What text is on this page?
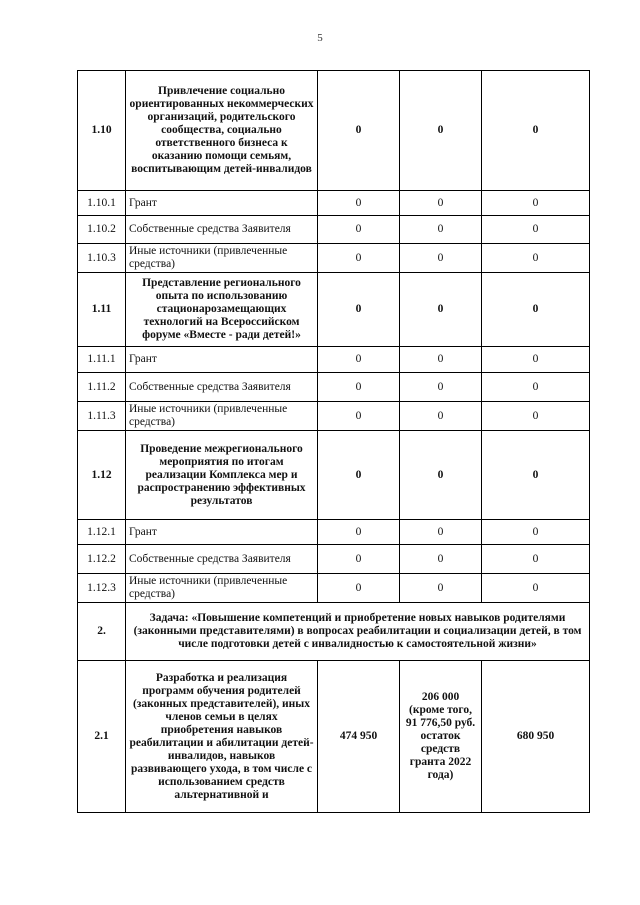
5
1.10	Привлечение социально ориентированных некоммерческих организаций, родительского сообщества, социально ответственного бизнеса к оказанию помощи семьям, воспитывающим детей-инвалидов	0	0	0
1.10.1	Грант	0	0	0
1.10.2	Собственные средства Заявителя	0	0	0
1.10.3	Иные источники (привлеченные средства)	0	0	0
1.11	Представление регионального опыта по использованию стационарозамещающих технологий на Всероссийском форуме «Вместе - ради детей!»	0	0	0
1.11.1	Грант	0	0	0
1.11.2	Собственные средства Заявителя	0	0	0
1.11.3	Иные источники (привлеченные средства)	0	0	0
1.12	Проведение межрегионального мероприятия по итогам реализации Комплекса мер и распространению эффективных результатов	0	0	0
1.12.1	Грант	0	0	0
1.12.2	Собственные средства Заявителя	0	0	0
1.12.3	Иные источники (привлеченные средства)	0	0	0
2.	Задача: «Повышение компетенций и приобретение новых навыков родителями (законными представителями) в вопросах реабилитации и социализации детей, в том числе подготовки детей с инвалидностью к самостоятельной жизни»			
2.1	Разработка и реализация программ обучения родителей (законных представителей), иных членов семьи в целях приобретения навыков реабилитации и абилитации детей-инвалидов, навыков развивающего ухода, в том числе с использованием средств альтернативной и	474 950	206 000 (кроме того, 91 776,50 руб. остаток средств гранта 2022 года)	680 950
